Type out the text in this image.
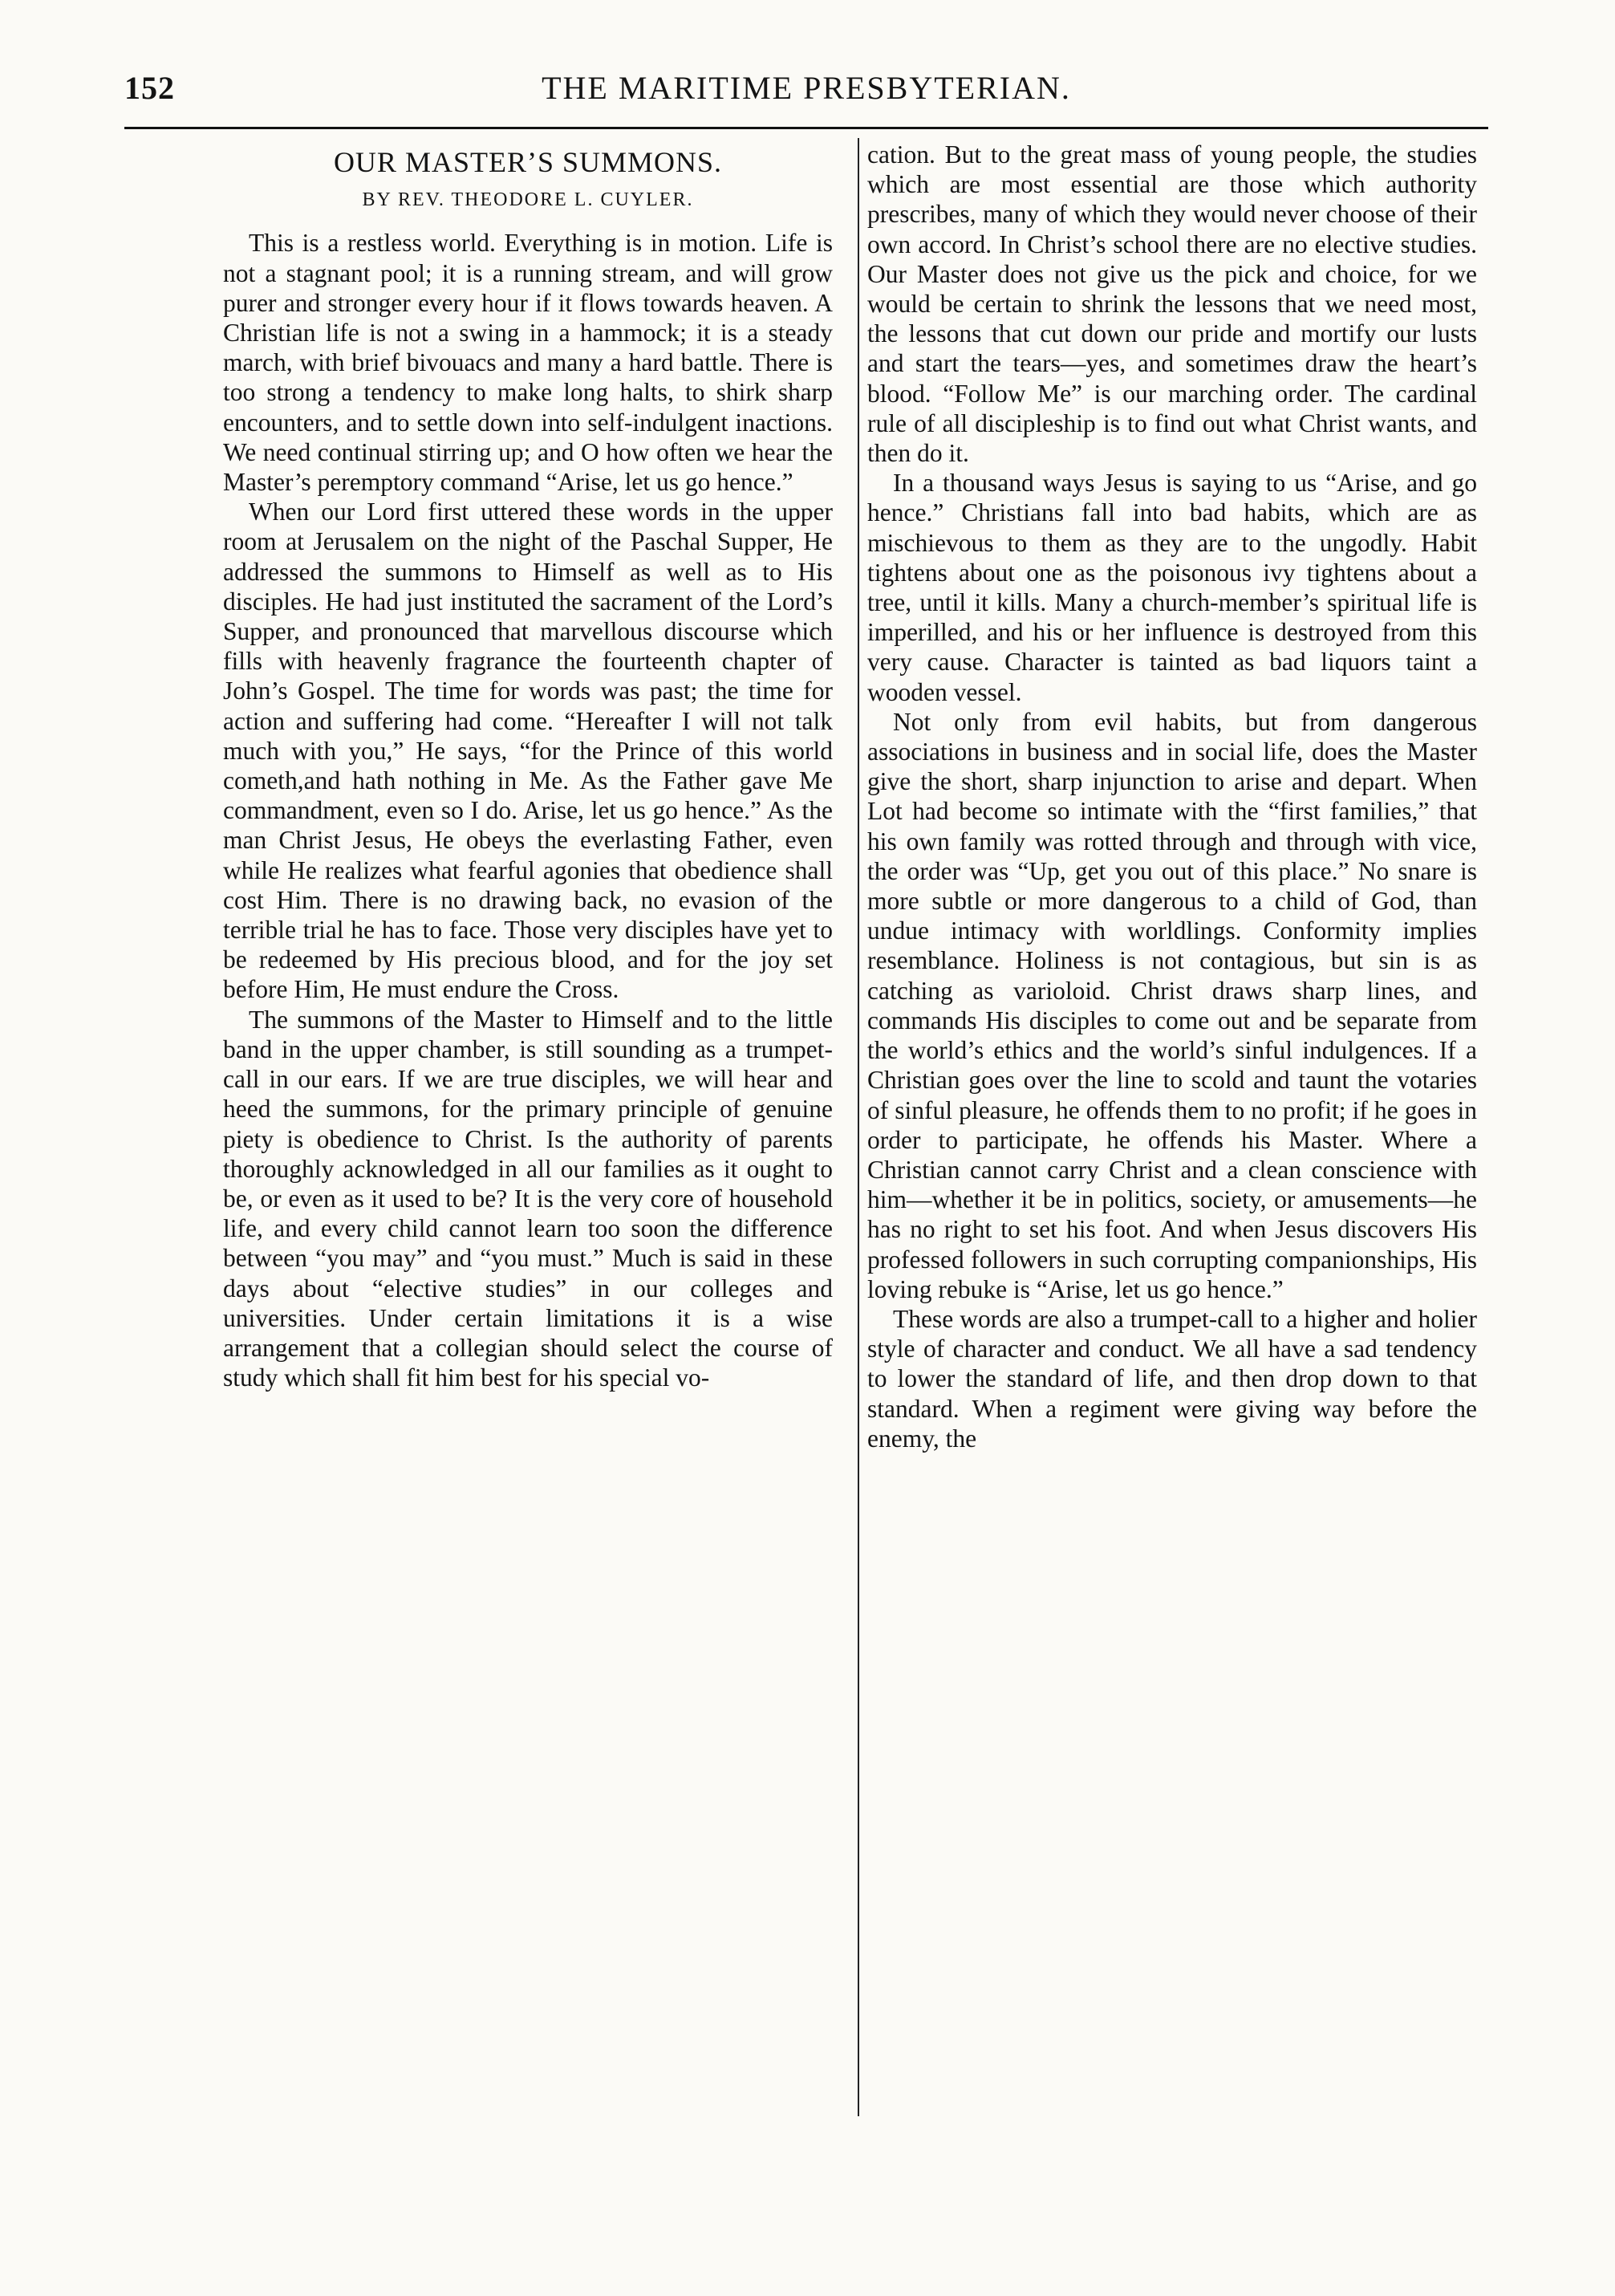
152	THE MARITIME PRESBYTERIAN.
OUR MASTER’S SUMMONS.
BY REV. THEODORE L. CUYLER.

This is a restless world. Everything is in motion. Life is not a stagnant pool; it is a running stream, and will grow purer and stronger every hour if it flows towards heaven. A Christian life is not a swing in a hammock; it is a steady march, with brief bivouacs and many a hard battle. There is too strong a tendency to make long halts, to shirk sharp encounters, and to settle down into self-indulgent inactions. We need continual stirring up; and O how often we hear the Master’s peremptory command “Arise, let us go hence.”

When our Lord first uttered these words in the upper room at Jerusalem on the night of the Paschal Supper, He addressed the summons to Himself as well as to His disciples. He had just instituted the sacrament of the Lord’s Supper, and pronounced that marvellous discourse which fills with heavenly fragrance the fourteenth chapter of John’s Gospel. The time for words was past; the time for action and suffering had come. “Hereafter I will not talk much with you,” He says, “for the Prince of this world cometh,and hath nothing in Me. As the Father gave Me commandment, even so I do. Arise, let us go hence.” As the man Christ Jesus, He obeys the everlasting Father, even while He realizes what fearful agonies that obedience shall cost Him. There is no drawing back, no evasion of the terrible trial he has to face. Those very disciples have yet to be redeemed by His precious blood, and for the joy set before Him, He must endure the Cross.

The summons of the Master to Himself and to the little band in the upper chamber, is still sounding as a trumpet-call in our ears. If we are true disciples, we will hear and heed the summons, for the primary principle of genuine piety is obedience to Christ. Is the authority of parents thoroughly acknowledged in all our families as it ought to be, or even as it used to be? It is the very core of household life, and every child cannot learn too soon the difference between “you may” and “you must.” Much is said in these days about “elective studies” in our colleges and universities. Under certain limitations it is a wise arrangement that a collegian should select the course of study which shall fit him best for his special vo-

cation. But to the great mass of young people, the studies which are most essential are those which authority prescribes, many of which they would never choose of their own accord. In Christ’s school there are no elective studies. Our Master does not give us the pick and choice, for we would be certain to shrink the lessons that we need most, the lessons that cut down our pride and mortify our lusts and start the tears—yes, and sometimes draw the heart’s blood. “Follow Me” is our marching order. The cardinal rule of all discipleship is to find out what Christ wants, and then do it.

In a thousand ways Jesus is saying to us “Arise, and go hence.” Christians fall into bad habits, which are as mischievous to them as they are to the ungodly. Habit tightens about one as the poisonous ivy tightens about a tree, until it kills. Many a church-member’s spiritual life is imperilled, and his or her influence is destroyed from this very cause. Character is tainted as bad liquors taint a wooden vessel.

Not only from evil habits, but from dangerous associations in business and in social life, does the Master give the short, sharp injunction to arise and depart. When Lot had become so intimate with the “first families,” that his own family was rotted through and through with vice, the order was “Up, get you out of this place.” No snare is more subtle or more dangerous to a child of God, than undue intimacy with worldlings. Conformity implies resemblance. Holiness is not contagious, but sin is as catching as varioloid. Christ draws sharp lines, and commands His disciples to come out and be separate from the world’s ethics and the world’s sinful indulgences. If a Christian goes over the line to scold and taunt the votaries of sinful pleasure, he offends them to no profit; if he goes in order to participate, he offends his Master. Where a Christian cannot carry Christ and a clean conscience with him—whether it be in politics, society, or amusements—he has no right to set his foot. And when Jesus discovers His professed followers in such corrupting companionships, His loving rebuke is “Arise, let us go hence.”

These words are also a trumpet-call to a higher and holier style of character and conduct. We all have a sad tendency to lower the standard of life, and then drop down to that standard. When a regiment were giving way before the enemy, the
